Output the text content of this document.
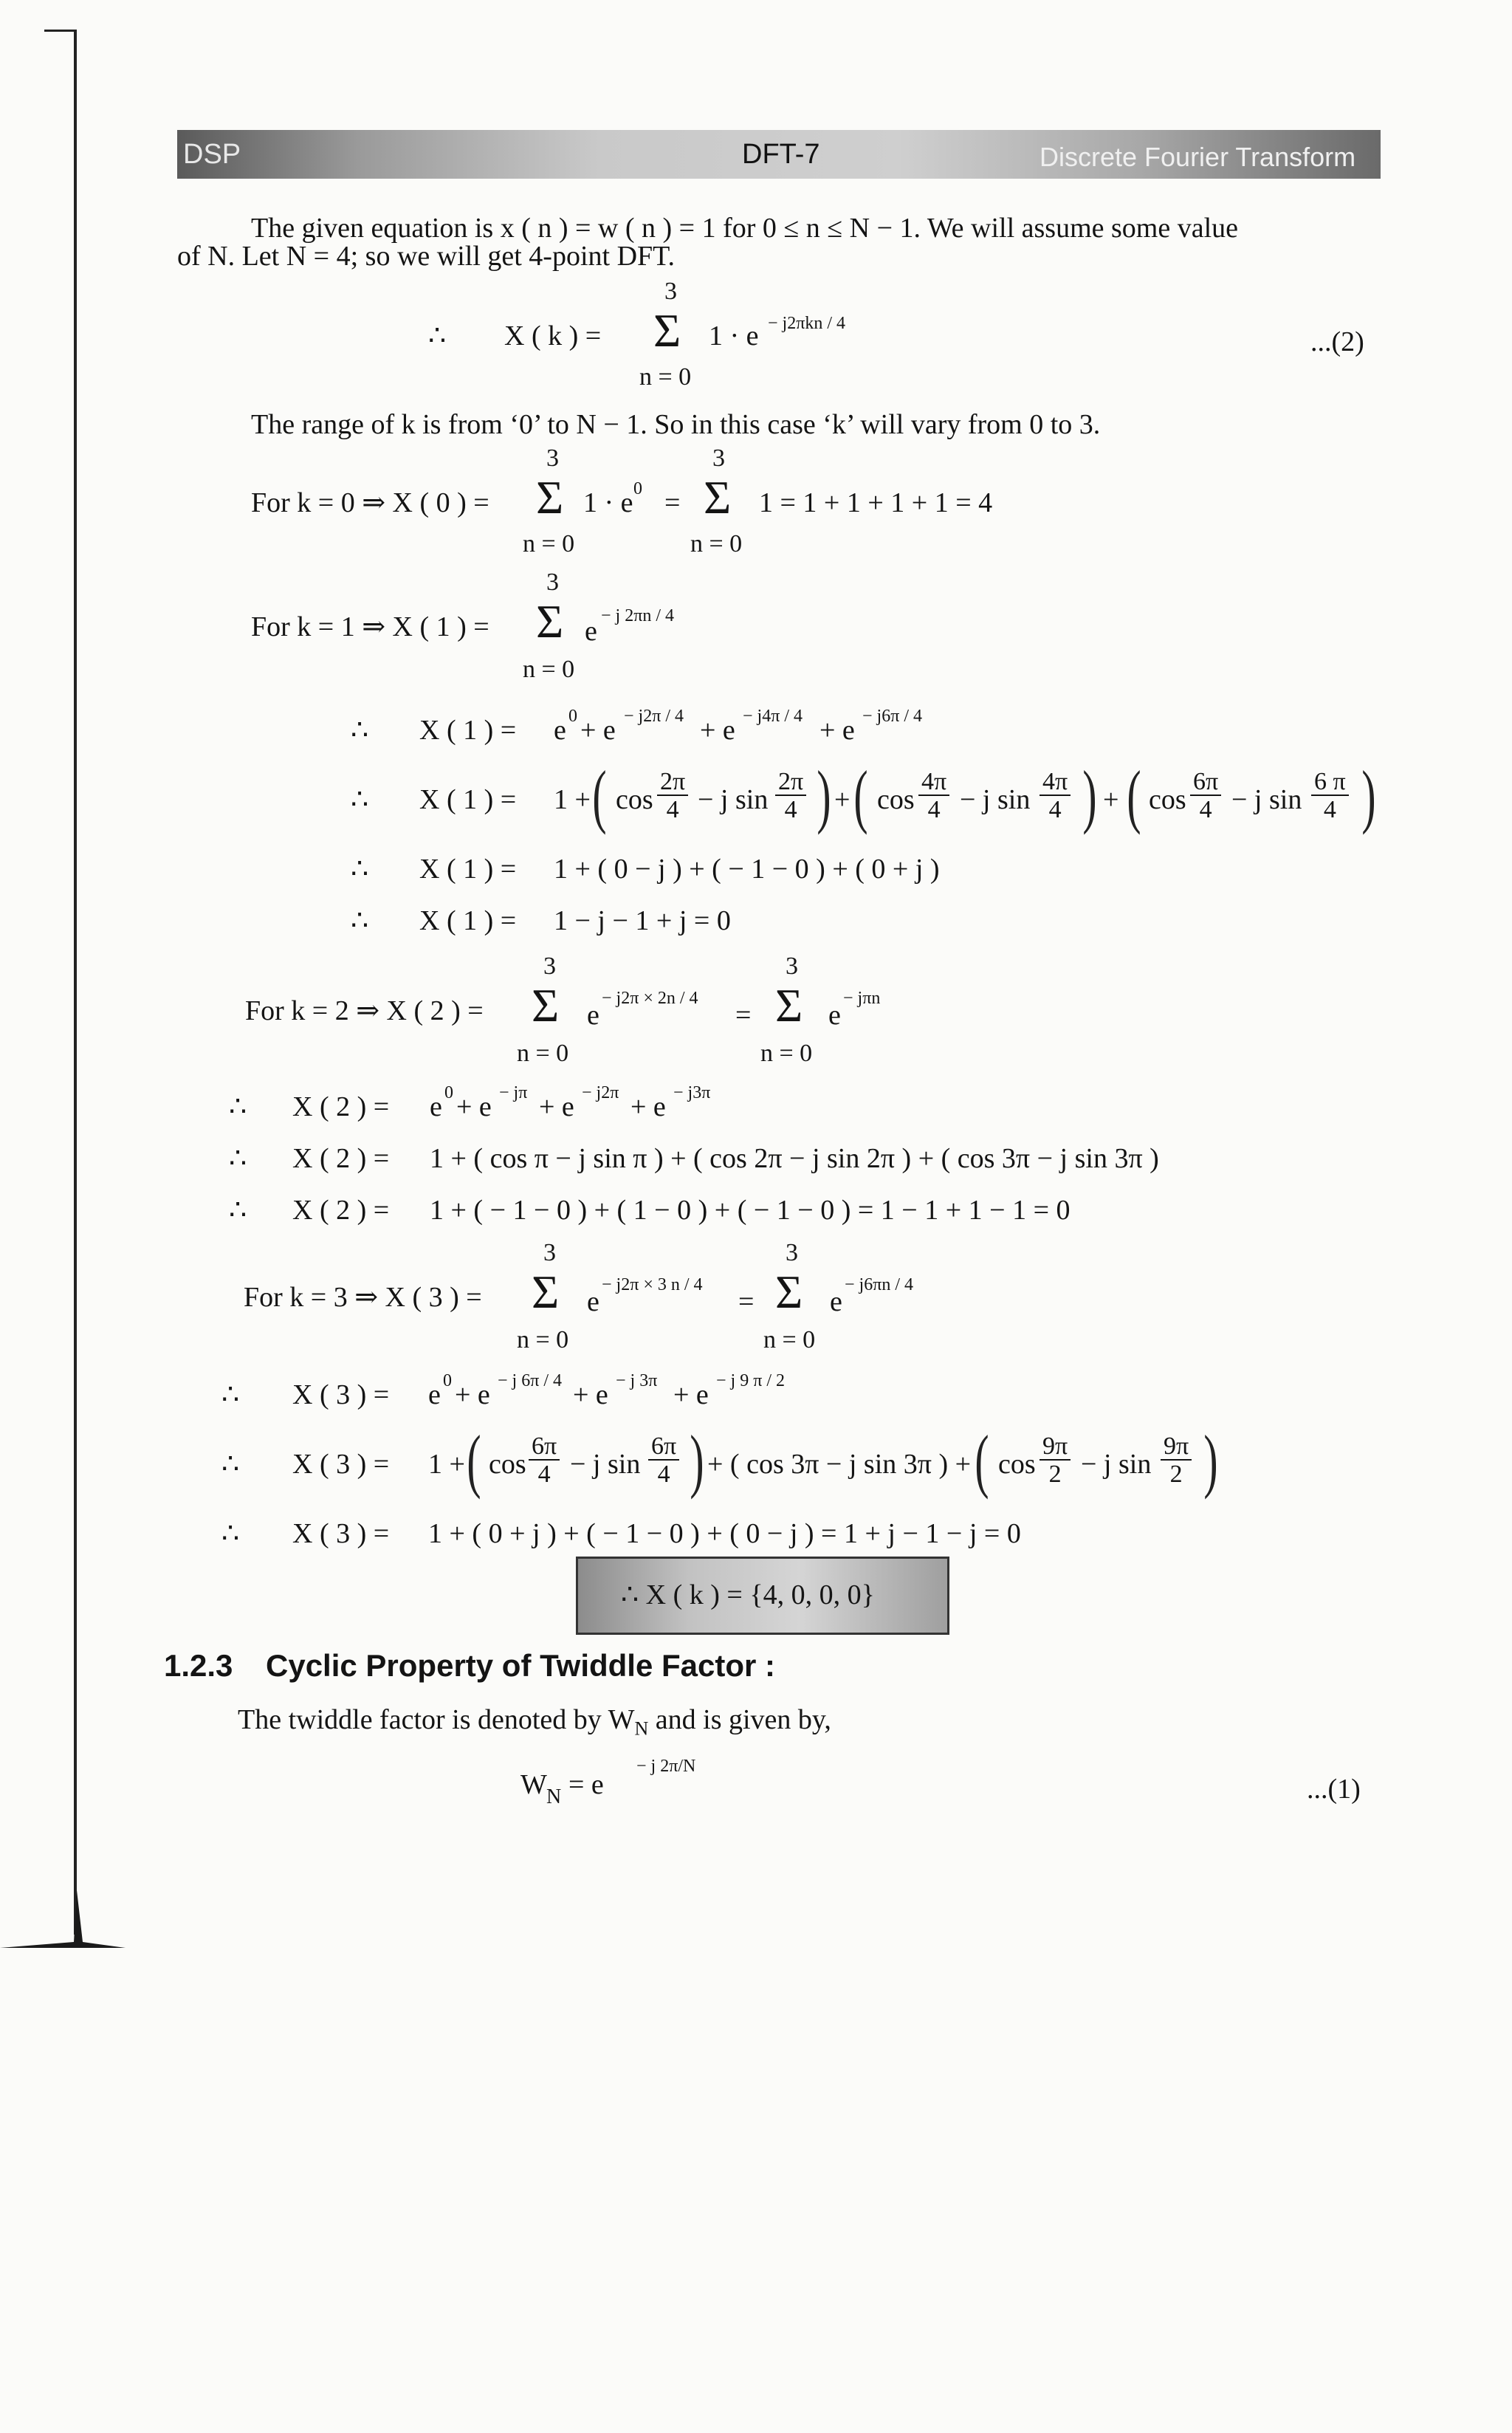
DSP	DFT-7	Discrete Fourier Transform
The given equation is x ( n ) = w ( n ) = 1 for 0 ≤ n ≤ N − 1. We will assume some value
of N. Let N = 4; so we will get 4-point DFT.
3
∴ X ( k ) = Σ 1 · e − j2πkn / 4
n = 0
...(2)
The range of k is from ‘0’ to N − 1. So in this case ‘k’ will vary from 0 to 3.
3	3
For k = 0 ⇒ X ( 0 ) = Σ 1 · e 0 = Σ 1 = 1 + 1 + 1 + 1 = 4
n = 0	n = 0
3
For k = 1 ⇒ X ( 1 ) = Σ e − j 2πn / 4
n = 0
∴ X ( 1 ) = e 0 + e − j2π / 4 + e − j4π / 4 + e − j6π / 4
∴ X ( 1 ) = 1 + ( $\cos \frac{2\pi}{4} - j$ $\sin \frac{2\pi}{4}$ ) + ( $\cos \frac{4\pi}{4} - j$ $\sin \frac{4\pi}{4}$ ) + ( $\cos \frac{6\pi}{4} - j$ $\sin \frac{6 \pi}{4}$ )
∴ X ( 1 ) = 1 + ( 0 − j ) + ( − 1 − 0 ) + ( 0 + j )
∴ X ( 1 ) = 1 − j − 1 + j = 0
3	3
For k = 2 ⇒ X ( 2 ) = Σ e
− j2π × 2n / 4
= Σ e
− jπn
n = 0	n = 0
∴ X ( 2 ) = e 0 + e − jπ + e − j2π + e − j3π
∴ X ( 2 ) = 1 + ( cos π − j sin π ) + ( cos 2π − j sin 2π ) + ( cos 3π − j sin 3π )
∴ X ( 2 ) = 1 + ( − 1 − 0 ) + ( 1 − 0 ) + ( − 1 − 0 ) = 1 − 1 + 1 − 1 = 0
3	3
For k = 3 ⇒ X ( 3 ) = Σ e
− j2π × 3 n / 4
= Σ e
− j6πn / 4
n = 0	n = 0
∴ X ( 3 ) = e 0 + e − j 6π / 4 + e − j 3π + e − j 9 π / 2
∴ X ( 3 ) = 1 + ( $\cos \frac{6\pi}{4} - j$ $\sin \frac{6\pi}{4}$ ) + ( cos 3π − j sin 3π ) + ( $\cos \frac{9\pi}{2} - j$ $\sin \frac{9\pi}{2}$ )
∴ X ( 3 ) = 1 + ( 0 + j ) + ( − 1 − 0 ) + ( 0 − j ) = 1 + j − 1 − j = 0
∴ X ( k ) = {4, 0, 0, 0}
1.2.3 Cyclic Property of Twiddle Factor :
The twiddle factor is denoted by $W_N$ and is given by,
W N = e
− j 2π/N
...(1)
